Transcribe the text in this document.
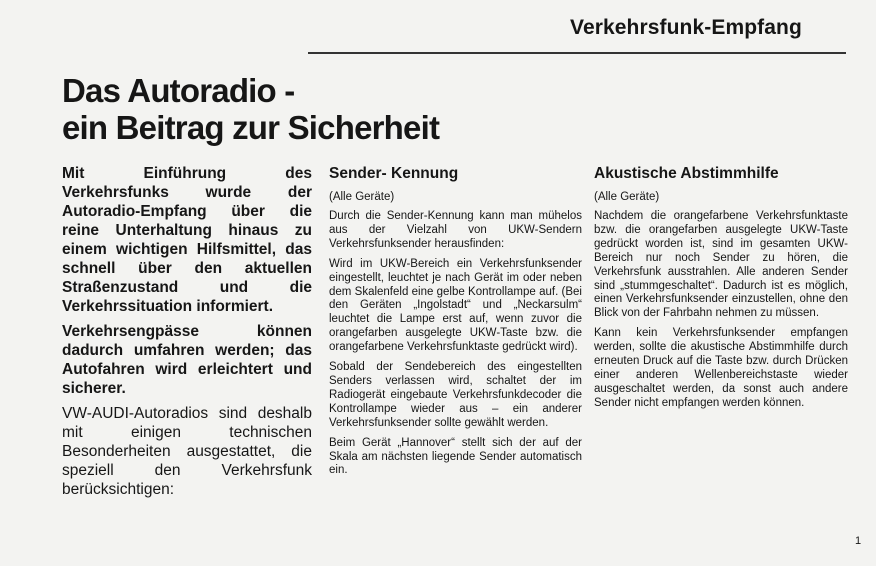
Verkehrsfunk-Empfang
Das Autoradio -
ein Beitrag zur Sicherheit

Mit Einführung des Verkehrsfunks wurde der Autoradio-Empfang über die reine Unterhaltung hinaus zu einem wichtigen Hilfsmittel, das schnell über den aktuellen Straßenzustand und die Verkehrssituation informiert.

Verkehrsengpässe können dadurch umfahren werden; das Autofahren wird erleichtert und sicherer.

VW-AUDI-Autoradios sind deshalb mit einigen technischen Besonderheiten ausgestattet, die speziell den Verkehrsfunk berücksichtigen:

Sender- Kennung

(Alle Geräte)

Durch die Sender-Kennung kann man mühelos aus der Vielzahl von UKW-Sendern Verkehrsfunksender herausfinden:

Wird im UKW-Bereich ein Verkehrsfunksender eingestellt, leuchtet je nach Gerät im oder neben dem Skalenfeld eine gelbe Kontrollampe auf. (Bei den Geräten „Ingolstadt“ und „Neckarsulm“ leuchtet die Lampe erst auf, wenn zuvor die orangefarben ausgelegte UKW-Taste bzw. die orangefarbene Verkehrsfunktaste gedrückt wird).

Sobald der Sendebereich des eingestellten Senders verlassen wird, schaltet der im Radiogerät eingebaute Verkehrsfunkdecoder die Kontrollampe wieder aus – ein anderer Verkehrsfunksender sollte gewählt werden.

Beim Gerät „Hannover“ stellt sich der auf der Skala am nächsten liegende Sender automatisch ein.

Akustische Abstimmhilfe

(Alle Geräte)

Nachdem die orangefarbene Verkehrsfunktaste bzw. die orangefarben ausgelegte UKW-Taste gedrückt worden ist, sind im gesamten UKW-Bereich nur noch Sender zu hören, die Verkehrsfunk ausstrahlen. Alle anderen Sender sind „stummgeschaltet“. Dadurch ist es möglich, einen Verkehrsfunksender einzustellen, ohne den Blick von der Fahrbahn nehmen zu müssen.

Kann kein Verkehrsfunksender empfangen werden, sollte die akustische Abstimmhilfe durch erneuten Druck auf die Taste bzw. durch Drücken einer anderen Wellenbereichstaste wieder ausgeschaltet werden, da sonst auch andere Sender nicht empfangen werden können.

1
